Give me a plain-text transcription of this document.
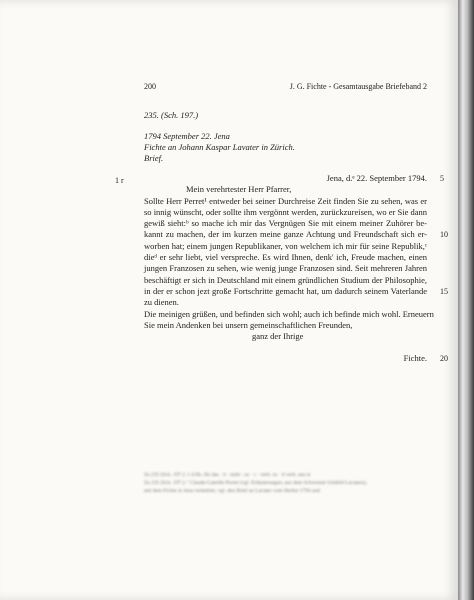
200	J. G. Fichte - Gesamtausgabe Briefeband 2
235. (Sch. 197.)
1794 September 22. Jena
Fichte an Johann Kaspar Lavater in Zürich.
Brief.
1 r	Jena, d.ᵉ 22. September 1794. 5
Mein verehrtester Herr Pfarrer,
Sollte Herr Perret¹ entweder bei seiner Durchreise Zeit finden Sie zu sehen, was er
so innig wünscht, oder sollte ihm vergönnt werden, zurückzureisen, wo er Sie dann
gewiß sieht:ᵇ so mache ich mir das Vergnügen Sie mit einem meiner Zuhörer be-
kannt zu machen, der im kurzen meine ganze Achtung und Freundschaft sich er- 10
worben hat; einem jungen Republikaner, von welchem ich mir für seine Republik,ᶜ
dieᵈ er sehr liebt, viel verspreche. Es wird Ihnen, denk' ich, Freude machen, einen
jungen Franzosen zu sehen, wie wenig junge Franzosen sind. Seit mehreren Jahren
beschäftigt er sich in Deutschland mit einem gründlichen Studium der Philosophie,
in der er schon jezt große Fortschritte gemacht hat, um dadurch seinem Vaterlande 15
zu dienen.
Die meinigen grüßen, und befinden sich wohl; auch ich befinde mich wohl. Erneuern
Sie mein Andenken bei unsern gemeinschaftlichen Freunden,
ganz der Ihrige
Fichte. 20
Za 235 (Sch. 197.): 1 d.Hs. für das · b ⸱ sieht : so · c ⸱ verb. so · d verb. aus ie
Za 235 (Sch. 197.): ¹ Claude-Camille Perret (vgl. Erläuterungen; aus dem Schweizer Umfeld Lavaters),
mit dem Fichte in Jena verkehrte; vgl. den Brief an Lavater vom Herbst 1794 und
